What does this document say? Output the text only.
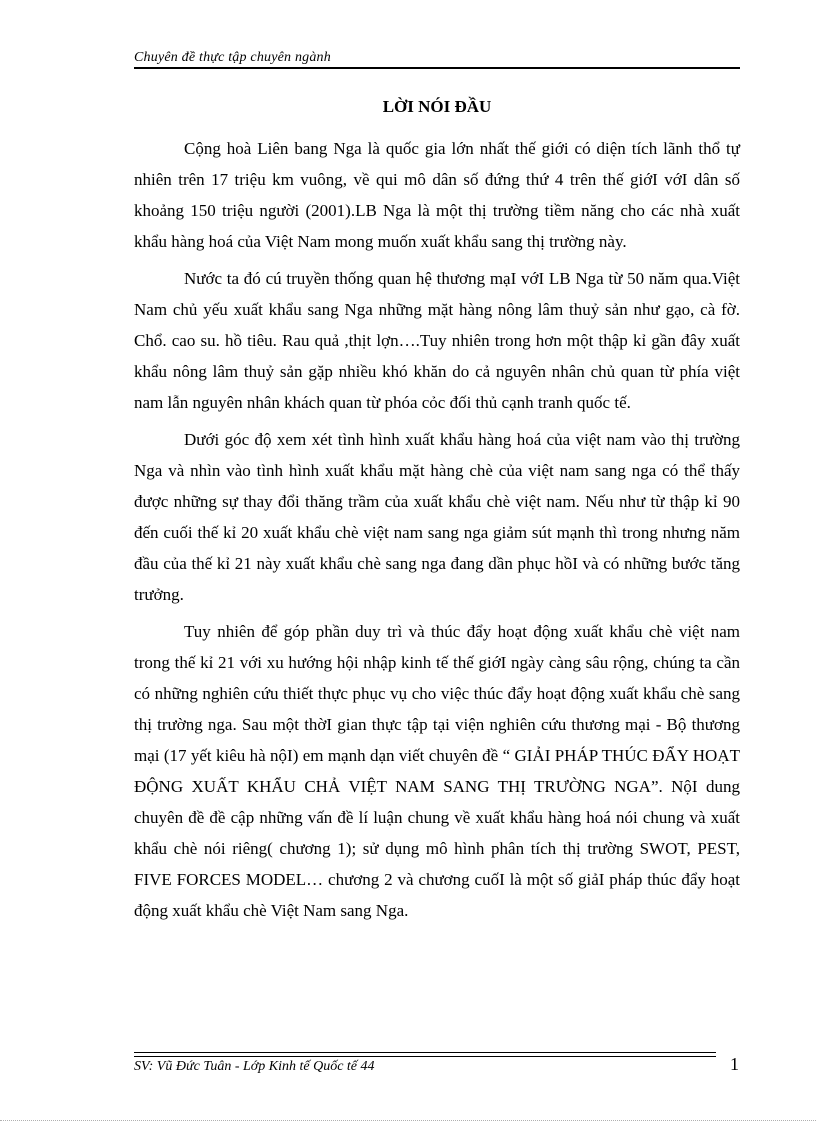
Chuyên đề thực tập chuyên ngành
LỜI NÓI ĐẦU

Cộng hoà Liên bang Nga là quốc gia lớn nhất thế giới có diện tích lãnh thổ tự nhiên trên 17 triệu km vuông, về qui mô dân số đứng thứ 4 trên thế giớI vớI dân số khoảng 150 triệu người (2001).LB Nga là một thị trường tiềm năng cho các nhà xuất khẩu hàng hoá của Việt Nam mong muốn xuất khẩu sang thị trường này.

Nước ta đó cú truyền thống quan hệ thương mạI vớI LB Nga từ 50 năm qua.Việt Nam chủ yếu xuất khẩu sang Nga những mặt hàng nông lâm thuỷ sản như gạo, cà fờ. Chổ. cao su. hồ tiêu. Rau quả ,thịt lợn….Tuy nhiên trong hơn một thập kỉ gần đây xuất khẩu nông lâm thuỷ sản gặp nhiều khó khăn do cả nguyên nhân chủ quan từ phía việt nam lẫn nguyên nhân khách quan từ phóa cỏc đối thủ cạnh tranh quốc tế.

Dưới góc độ xem xét tình hình xuất khẩu hàng hoá của việt nam vào thị trường Nga và nhìn vào tình hình xuất khẩu mặt hàng chè của việt nam sang nga có thể thấy được những sự thay đổi thăng trầm của xuất khẩu chè việt nam. Nếu như từ thập kỉ 90 đến cuối thế kỉ 20 xuất khẩu chè việt nam sang nga giảm sút mạnh thì trong nhưng năm đầu của thế kỉ 21 này xuất khẩu chè sang nga đang dần phục hồI và có những bước tăng trưởng.

Tuy nhiên để góp phần duy trì và thúc đẩy hoạt động xuất khẩu chè việt nam trong thế kỉ 21 với xu hướng hội nhập kinh tế thế giớI ngày càng sâu rộng, chúng ta cần có những nghiên cứu thiết thực phục vụ cho việc thúc đẩy hoạt động xuất khẩu chè sang thị trường nga. Sau một thờI gian thực tập tại viện nghiên cứu thương mại - Bộ thương mại (17 yết kiêu hà nộI) em mạnh dạn viết chuyên đề “ GIẢI PHÁP THÚC ĐẨY HOẠT ĐỘNG XUẤT KHẨU CHẢ VIỆT NAM SANG THỊ TRƯỜNG NGA”. NộI dung chuyên đề đề cập những vấn đề lí luận chung về xuất khẩu hàng hoá nói chung và xuất khẩu chè nói riêng( chương 1); sử dụng mô hình phân tích thị trường SWOT, PEST, FIVE FORCES MODEL… chương 2 và chương cuốI là một số giảI pháp thúc đẩy hoạt động xuất khẩu chè Việt Nam sang Nga.

SV: Vũ Đức Tuân - Lớp Kinh tế Quốc tế 44	1
